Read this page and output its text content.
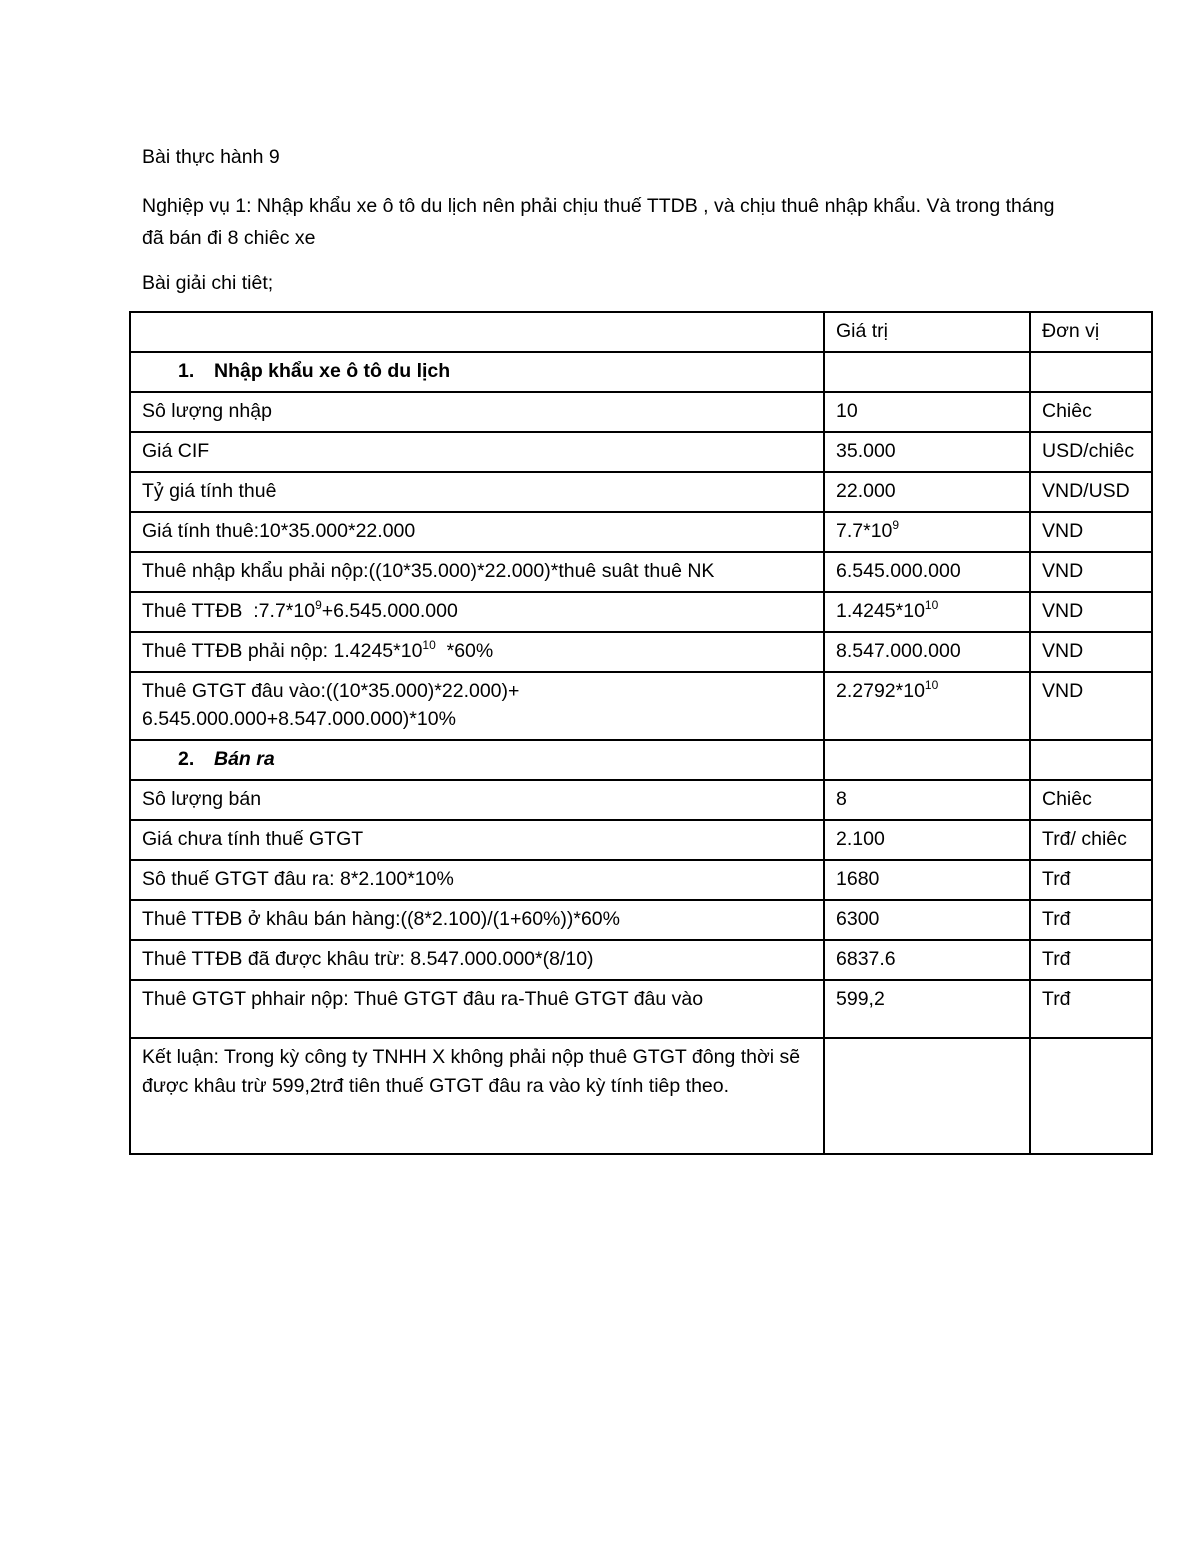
Bài thực hành 9

Nghiệp vụ 1: Nhập khẩu xe ô tô du lịch nên phải chịu thuế TTDB , và chịu thuê nhập khẩu. Và trong tháng đã bán đi 8 chiêc xe

Bài giải chi tiêt;

	Giá trị	Đơn vị
1. Nhập khẩu xe ô tô du lịch		
Sô lượng nhập	10	Chiêc
Giá CIF	35.000	USD/chiêc
Tỷ giá tính thuê	22.000	VND/USD
Giá tính thuê:10*35.000*22.000	$7.7*10^9$	VND
Thuê nhập khẩu phải nộp:((10*35.000)*22.000)*thuê suât thuê NK	6.545.000.000	VND
Thuê TTĐB  $:7.7*10^9+6.545.000.000$	$1.4245*10^{10}$	VND
Thuê TTĐB phải nộp: $1.4245*10^{10}$  *60%	8.547.000.000	VND
Thuê GTGT đâu vào:((10*35.000)*22.000)+ 6.545.000.000+8.547.000.000)*10%	$2.2792*10^{10}$	VND
2. Bán ra		
Sô lượng bán	8	Chiêc
Giá chưa tính thuế GTGT	2.100	Trđ/ chiêc
Sô thuế GTGT đâu ra: 8*2.100*10%	1680	Trđ
Thuê TTĐB ở khâu bán hàng:((8*2.100)/(1+60%))*60%	6300	Trđ
Thuê TTĐB đã được khâu trừ: 8.547.000.000*(8/10)	6837.6	Trđ
Thuê GTGT phhair nộp: Thuê GTGT đâu ra-Thuê GTGT đâu vào	599,2	Trđ
Kết luận: Trong kỳ công ty TNHH X không phải nộp thuê GTGT đông thời sẽ được khâu trừ 599,2trđ tiên thuế GTGT đâu ra vào kỳ tính tiêp theo.		
